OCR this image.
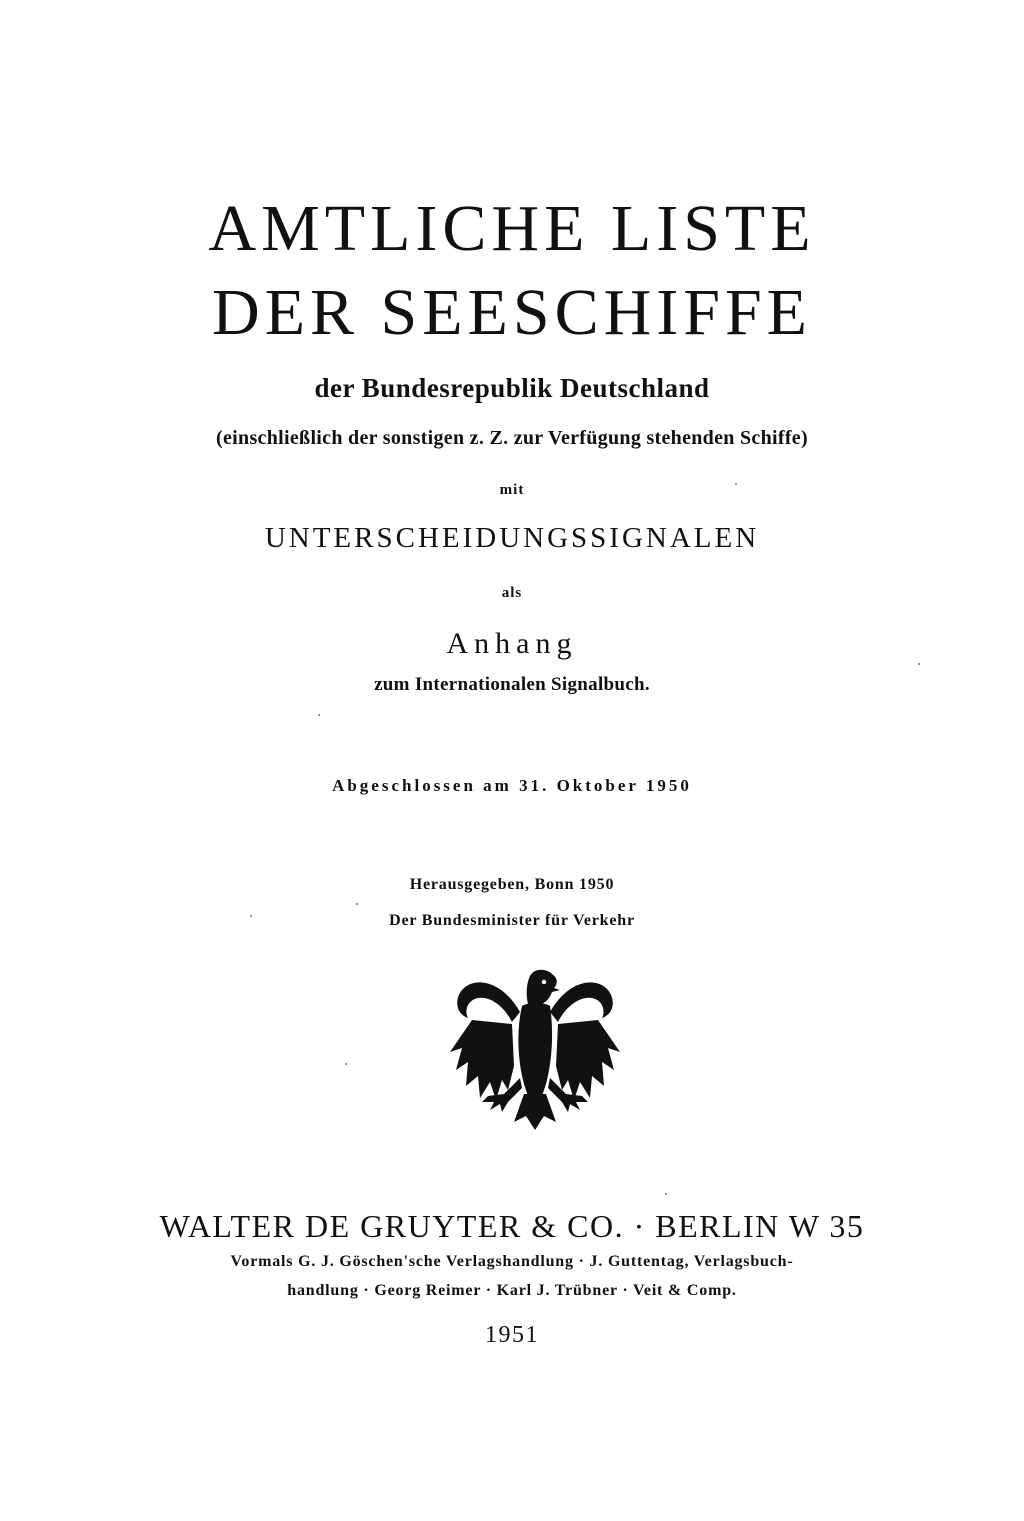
AMTLICHE LISTE
DER SEESCHIFFE

der Bundesrepublik Deutschland

(einschließlich der sonstigen z. Z. zur Verfügung stehenden Schiffe)

mit

UNTERSCHEIDUNGSSIGNALEN

als

Anhang

zum Internationalen Signalbuch.

Abgeschlossen am 31. Oktober 1950

Herausgegeben, Bonn 1950

Der Bundesminister für Verkehr

WALTER DE GRUYTER & CO. · BERLIN W 35

Vormals G. J. Göschen'sche Verlagshandlung · J. Guttentag, Verlagsbuch-

handlung · Georg Reimer · Karl J. Trübner · Veit & Comp.

1951
